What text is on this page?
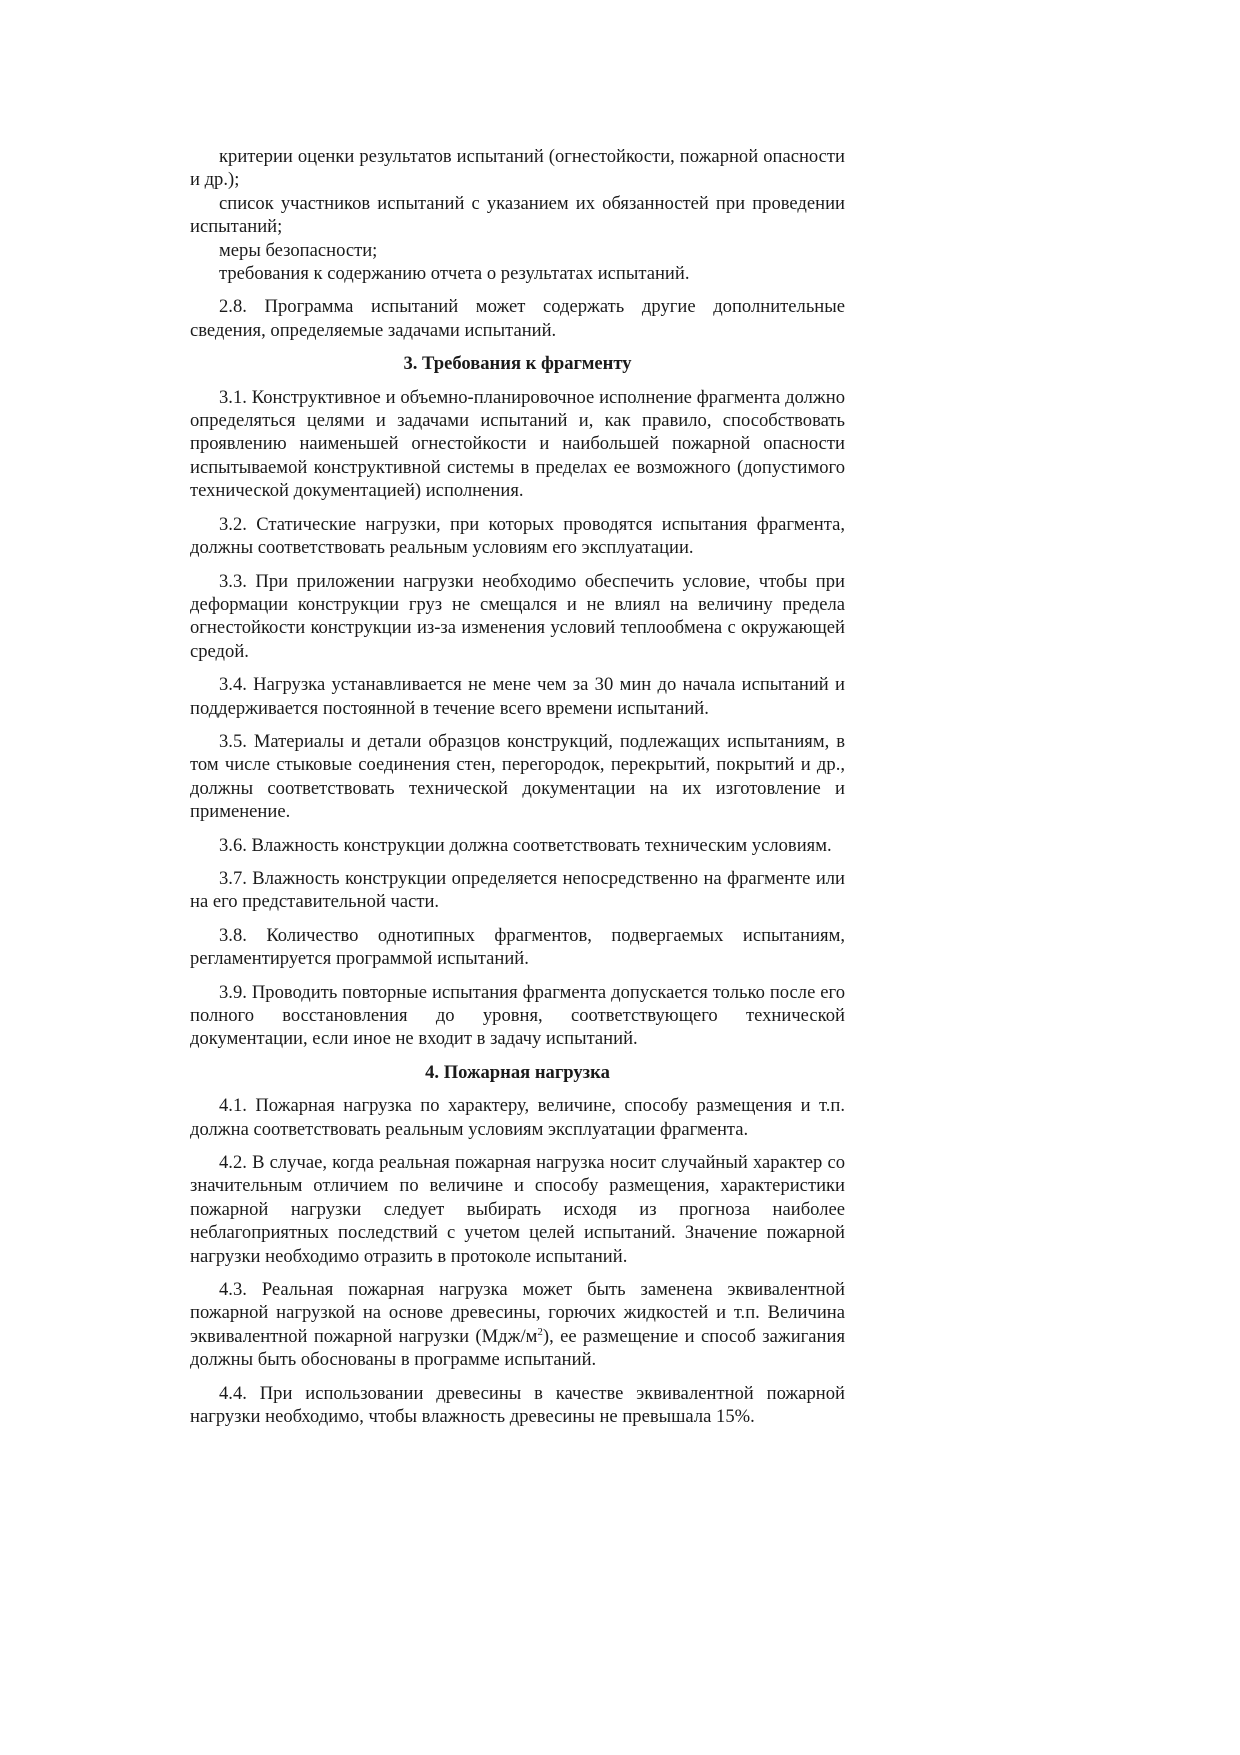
критерии оценки результатов испытаний (огнестойкости, пожарной опасности и др.);

список участников испытаний с указанием их обязанностей при проведении испытаний;

меры безопасности;

требования к содержанию отчета о результатах испытаний.

2.8. Программа испытаний может содержать другие дополнительные сведения, определяемые задачами испытаний.

3. Требования к фрагменту

3.1. Конструктивное и объемно-планировочное исполнение фрагмента должно определяться целями и задачами испытаний и, как правило, способствовать проявлению наименьшей огнестойкости и наибольшей пожарной опасности испытываемой конструктивной системы в пределах ее возможного (допустимого технической документацией) исполнения.

3.2. Статические нагрузки, при которых проводятся испытания фрагмента, должны соответствовать реальным условиям его эксплуатации.

3.3. При приложении нагрузки необходимо обеспечить условие, чтобы при деформации конструкции груз не смещался и не влиял на величину предела огнестойкости конструкции из-за изменения условий теплообмена с окружающей средой.

3.4. Нагрузка устанавливается не мене чем за 30 мин до начала испытаний и поддерживается постоянной в течение всего времени испытаний.

3.5. Материалы и детали образцов конструкций, подлежащих испытаниям, в том числе стыковые соединения стен, перегородок, перекрытий, покрытий и др., должны соответствовать технической документации на их изготовление и применение.

3.6. Влажность конструкции должна соответствовать техническим условиям.

3.7. Влажность конструкции определяется непосредственно на фрагменте или на его представительной части.

3.8. Количество однотипных фрагментов, подвергаемых испытаниям, регламентируется программой испытаний.

3.9. Проводить повторные испытания фрагмента допускается только после его полного восстановления до уровня, соответствующего технической документации, если иное не входит в задачу испытаний.

4. Пожарная нагрузка

4.1. Пожарная нагрузка по характеру, величине, способу размещения и т.п. должна соответствовать реальным условиям эксплуатации фрагмента.

4.2. В случае, когда реальная пожарная нагрузка носит случайный характер со значительным отличием по величине и способу размещения, характеристики пожарной нагрузки следует выбирать исходя из прогноза наиболее неблагоприятных последствий с учетом целей испытаний. Значение пожарной нагрузки необходимо отразить в протоколе испытаний.

4.3. Реальная пожарная нагрузка может быть заменена эквивалентной пожарной нагрузкой на основе древесины, горючих жидкостей и т.п. Величина эквивалентной пожарной нагрузки $(Мдж/м^2)$, ее размещение и способ зажигания должны быть обоснованы в программе испытаний.

4.4. При использовании древесины в качестве эквивалентной пожарной нагрузки необходимо, чтобы влажность древесины не превышала 15%.
